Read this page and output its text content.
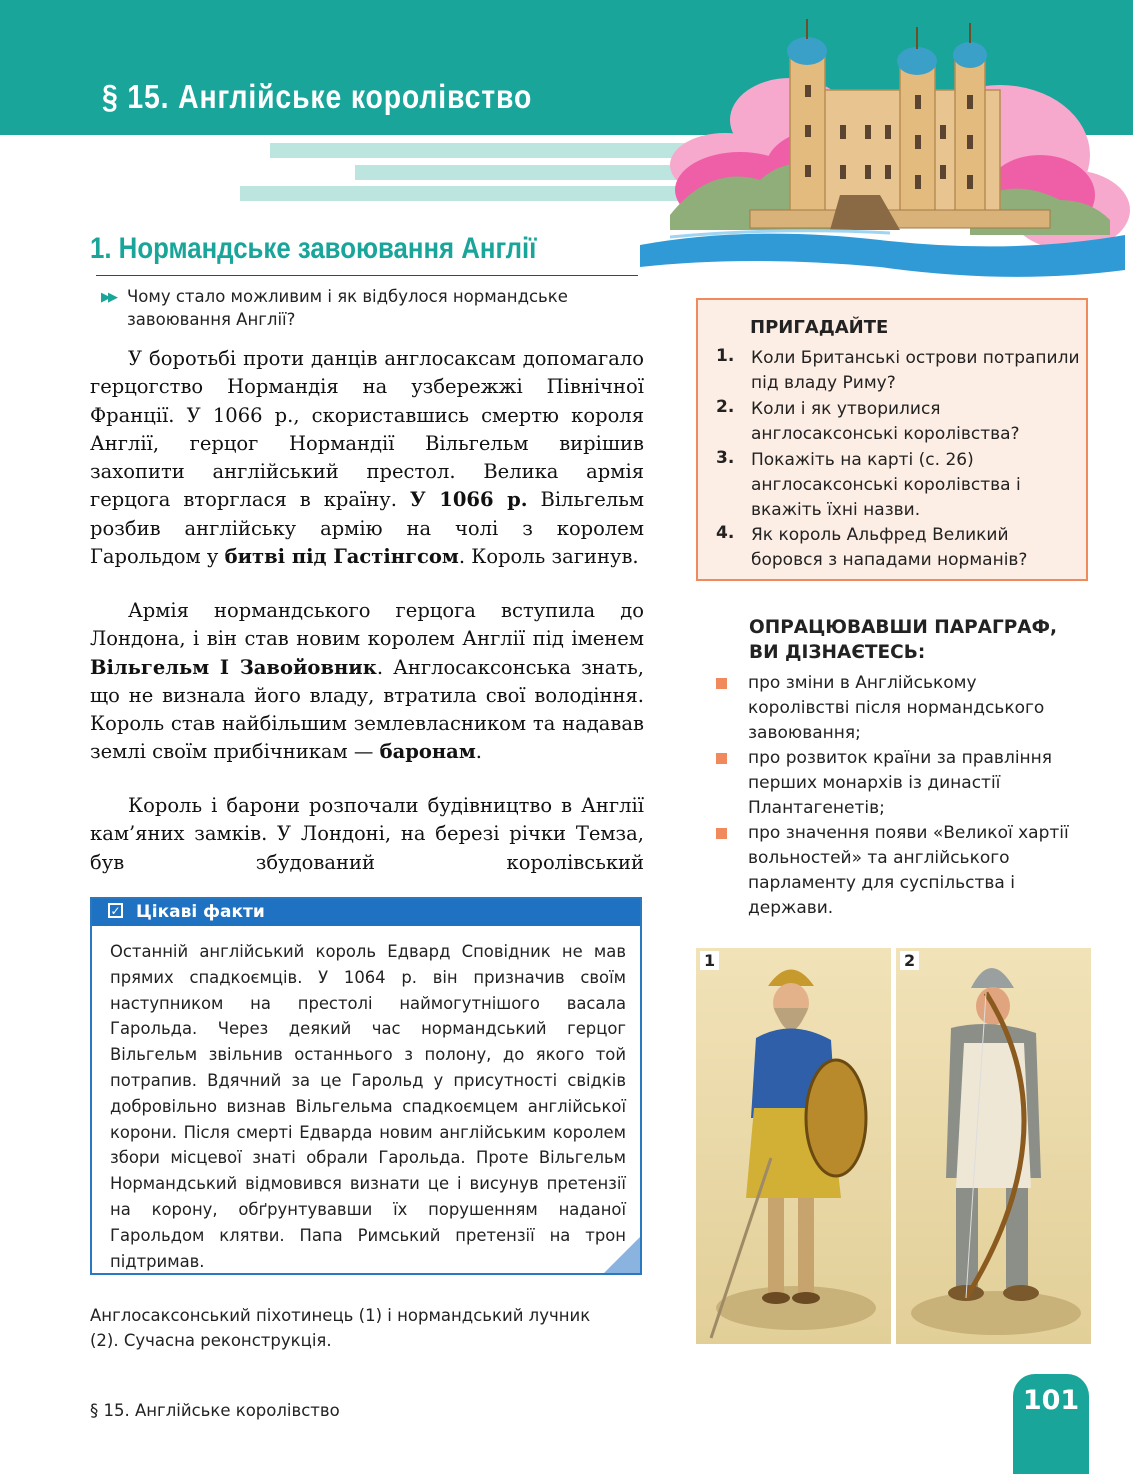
§ 15. Англійське королівство
1. Нормандське завоювання Англії
▶▶ Чому стало можливим і як відбулося нормандське завоювання Англії?
У боротьбі проти данців англосаксам допомагало герцогство Нормандія на узбережжі Північної Франції. У 1066 р., скориставшись смертю короля Англії, герцог Нормандії Вільгельм вирішив захопити англійський престол. Велика армія герцога вторглася в країну. У 1066 р. Вільгельм розбив англійську армію на чолі з королем Гарольдом у битві під Гастінгсом. Король загинув.
Армія нормандського герцога вступила до Лондона, і він став новим королем Англії під іменем Вільгельм I Завойовник. Англосаксонська знать, що не визнала його владу, втратила свої володіння. Король став найбільшим землевласником та надавав землі своїм прибічникам — баронам.
Король і барони розпочали будівництво в Англії кам’яних замків. У Лондоні, на березі річки Темза, був збудований королівський
✓ Цікаві факти
Останній англійський король Едвард Сповідник не мав прямих спадкоємців. У 1064 р. він призначив своїм наступником на престолі наймогутнішого васала Гарольда. Через деякий час нормандський герцог Вільгельм звільнив останнього з полону, до якого той потрапив. Вдячний за це Гарольд у присутності свідків добровільно визнав Вільгельма спадкоємцем англійської корони. Після смерті Едварда новим англійським королем збори місцевої знаті обрали Гарольда. Проте Вільгельм Нормандський відмовився визнати це і висунув претензії на корону, обґрунтувавши їх порушенням наданої Гарольдом клятви. Папа Римський претензії на трон підтримав.
Англосаксонський піхотинець (1) і нормандський лучник (2). Сучасна реконструкція.
ПРИГАДАЙТЕ
1. Коли Британські острови потрапили під владу Риму?
2. Коли і як утворилися англосаксонські королівства?
3. Покажіть на карті (с. 26) англосаксонські королівства і вкажіть їхні назви.
4. Як король Альфред Великий боровся з нападами норманів?
ОПРАЦЮВАВШИ ПАРАГРАФ, ВИ ДІЗНАЄТЕСЬ:
про зміни в Англійському королівстві після нормандського завоювання;
про розвиток країни за правління перших монархів із династії Плантагенетів;
про значення появи «Великої хартії вольностей» та англійського парламенту для суспільства і держави.
1	2
§ 15. Англійське королівство	101
